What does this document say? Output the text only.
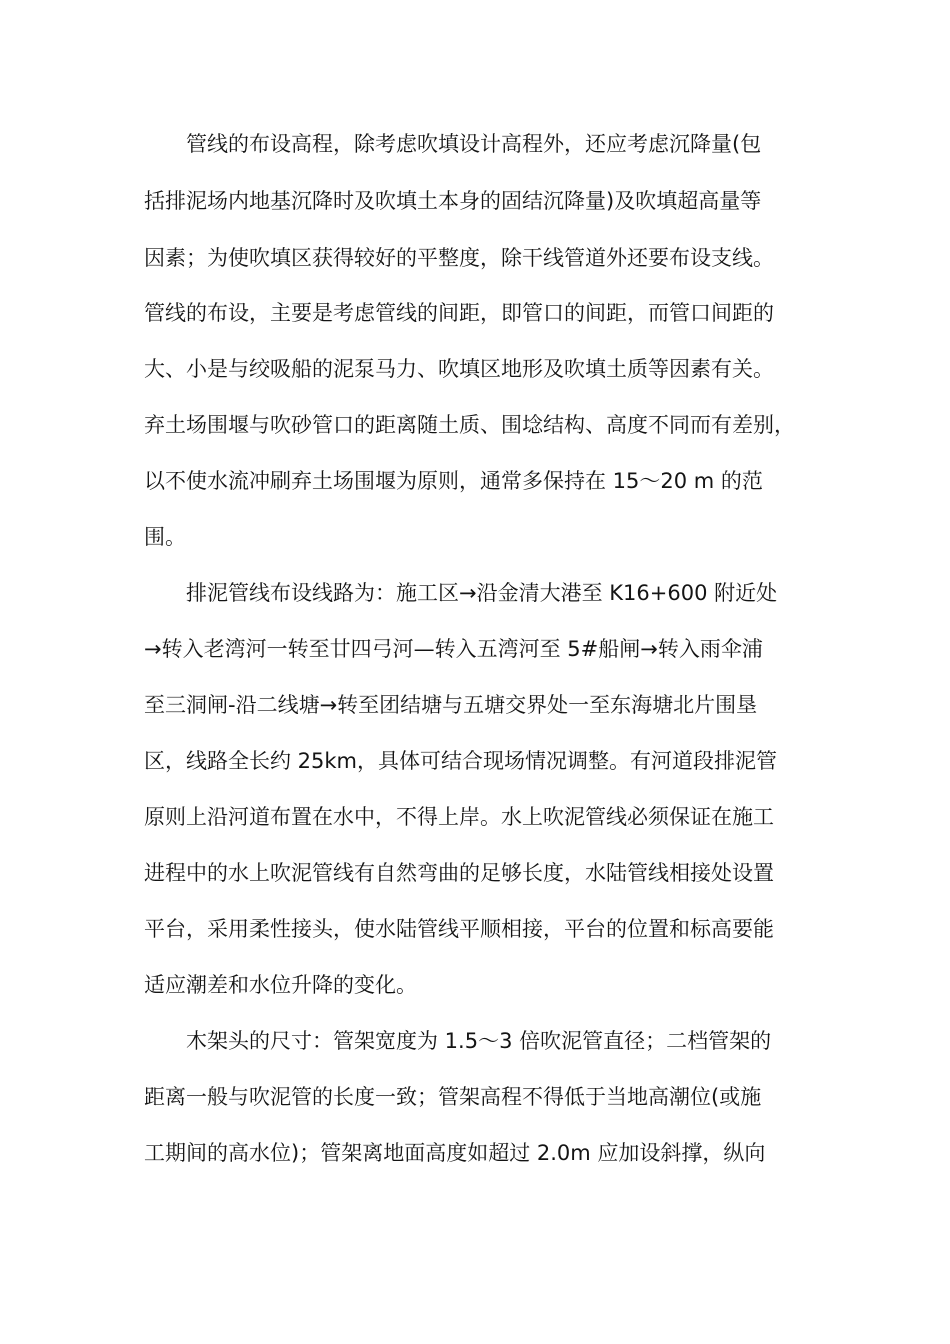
管线的布设高程，除考虑吹填设计高程外，还应考虑沉降量(包
括排泥场内地基沉降时及吹填土本身的固结沉降量)及吹填超高量等
因素；为使吹填区获得较好的平整度，除干线管道外还要布设支线。
管线的布设，主要是考虑管线的间距，即管口的间距，而管口间距的
大、小是与绞吸船的泥泵马力、吹填区地形及吹填土质等因素有关。
弃土场围堰与吹砂管口的距离随土质、围埝结构、高度不同而有差别，
以不使水流冲刷弃土场围堰为原则，通常多保持在 15～20 m 的范
围。
排泥管线布设线路为：施工区→沿金清大港至 K16+600 附近处
→转入老湾河一转至廿四弓河—转入五湾河至 5#船闸→转入雨伞浦
至三洞闸-沿二线塘→转至团结塘与五塘交界处一至东海塘北片围垦
区，线路全长约 25km，具体可结合现场情况调整。有河道段排泥管
原则上沿河道布置在水中，不得上岸。水上吹泥管线必须保证在施工
进程中的水上吹泥管线有自然弯曲的足够长度，水陆管线相接处设置
平台，采用柔性接头，使水陆管线平顺相接，平台的位置和标高要能
适应潮差和水位升降的变化。
木架头的尺寸：管架宽度为 1.5～3 倍吹泥管直径；二档管架的
距离一般与吹泥管的长度一致；管架高程不得低于当地高潮位(或施
工期间的高水位)；管架离地面高度如超过 2.0m 应加设斜撑，纵向
